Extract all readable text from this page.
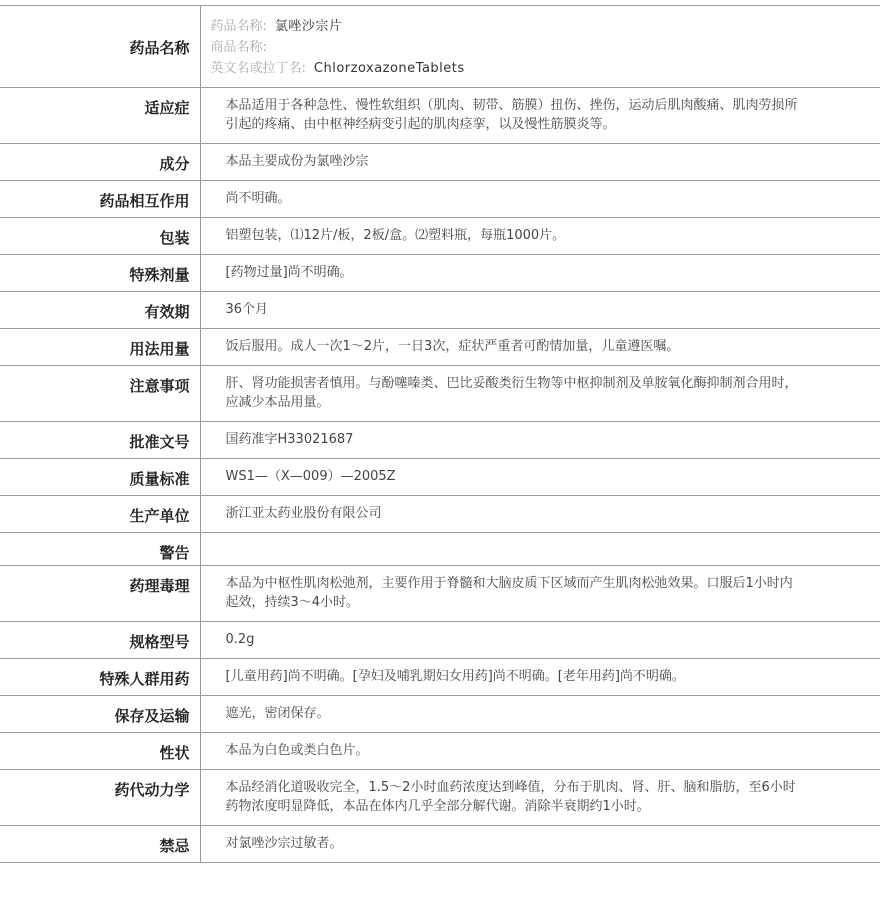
药品名称	药品名称: 氯唑沙宗片
商品名称:
英文名或拉丁名: ChlorzoxazoneTablets

适应症	本品适用于各种急性、慢性软组织（肌肉、韧带、筋膜）扭伤、挫伤，运动后肌肉酸痛、肌肉劳损所引起的疼痛、由中枢神经病变引起的肌肉痉挛，以及慢性筋膜炎等。
成分	本品主要成份为氯唑沙宗
药品相互作用	尚不明确。
包装	铝塑包装，⑴12片/板，2板/盒。⑵塑料瓶，每瓶1000片。
特殊剂量	[药物过量]尚不明确。
有效期	36个月
用法用量	饭后服用。成人一次1～2片，一日3次，症状严重者可酌情加量，儿童遵医嘱。
注意事项	肝、肾功能损害者慎用。与酚噻嗪类、巴比妥酸类衍生物等中枢抑制剂及单胺氧化酶抑制剂合用时，应减少本品用量。
批准文号	国药准字H33021687
质量标准	WS1—（X—009）—2005Z
生产单位	浙江亚太药业股份有限公司
警告	
药理毒理	本品为中枢性肌肉松弛剂，主要作用于脊髓和大脑皮质下区域而产生肌肉松弛效果。口服后1小时内起效，持续3～4小时。
规格型号	0.2g
特殊人群用药	[儿童用药]尚不明确。[孕妇及哺乳期妇女用药]尚不明确。[老年用药]尚不明确。
保存及运输	遮光，密闭保存。
性状	本品为白色或类白色片。
药代动力学	本品经消化道吸收完全，1.5～2小时血药浓度达到峰值，分布于肌肉、肾、肝、脑和脂肪，至6小时药物浓度明显降低，本品在体内几乎全部分解代谢。消除半衰期约1小时。
禁忌	对氯唑沙宗过敏者。
